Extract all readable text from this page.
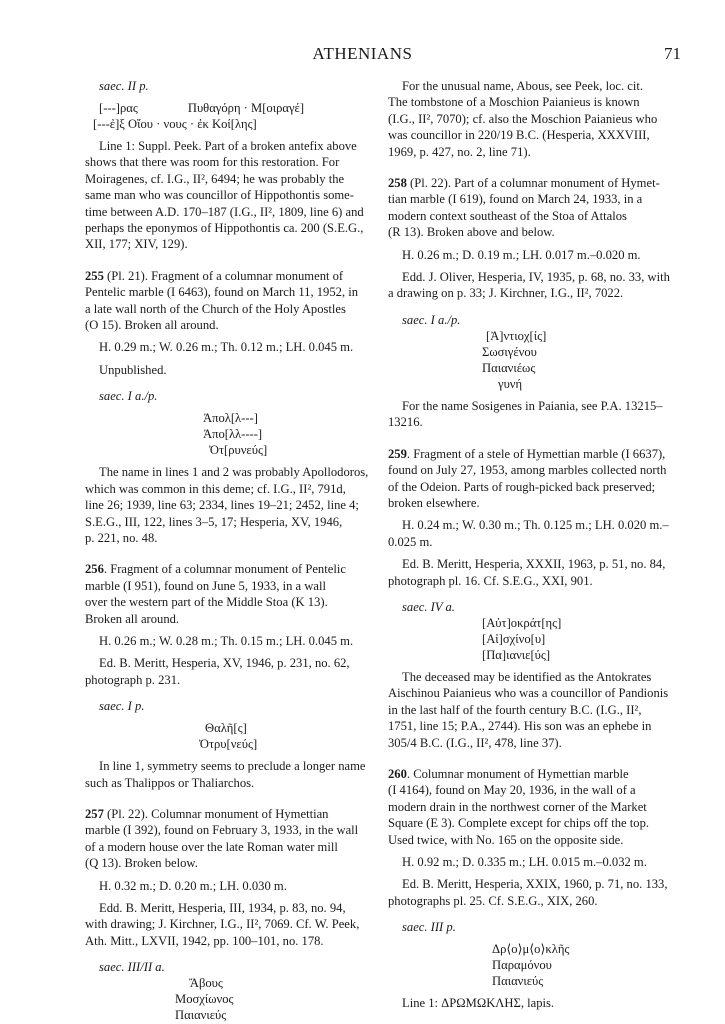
ATHENIANS	71
saec. II p.
[---]ρας	Πυθαγόρη · Μ[οιραγέ]
[---ἐ]ξ Οἴου · νους · ἐκ Κοί[λης]
Line 1: Suppl. Peek. Part of a broken antefix above
shows that there was room for this restoration. For
Moiragenes, cf. I.G., II², 6494; he was probably the
same man who was councillor of Hippothontis some-
time between A.D. 170–187 (I.G., II², 1809, line 6) and
perhaps the eponymos of Hippothontis ca. 200 (S.E.G.,
XII, 177; XIV, 129).
255 (Pl. 21). Fragment of a columnar monument of
Pentelic marble (I 6463), found on March 11, 1952, in
a late wall north of the Church of the Holy Apostles
(O 15). Broken all around.
H. 0.29 m.; W. 0.26 m.; Th. 0.12 m.; LH. 0.045 m.
Unpublished.
saec. I a./p.
Ἀπολ[λ---]
Ἀπο[λλ----]
Ὀτ[ρυνεύς]
The name in lines 1 and 2 was probably Apollodoros,
which was common in this deme; cf. I.G., II², 791d,
line 26; 1939, line 63; 2334, lines 19–21; 2452, line 4;
S.E.G., III, 122, lines 3–5, 17; Hesperia, XV, 1946,
p. 221, no. 48.
256. Fragment of a columnar monument of Pentelic
marble (I 951), found on June 5, 1933, in a wall
over the western part of the Middle Stoa (K 13).
Broken all around.
H. 0.26 m.; W. 0.28 m.; Th. 0.15 m.; LH. 0.045 m.
Ed. B. Meritt, Hesperia, XV, 1946, p. 231, no. 62,
photograph p. 231.
saec. I p.
Θαλῆ[ς]
Ὀτρυ[νεύς]
In line 1, symmetry seems to preclude a longer name
such as Thalippos or Thaliarchos.
257 (Pl. 22). Columnar monument of Hymettian
marble (I 392), found on February 3, 1933, in the wall
of a modern house over the late Roman water mill
(Q 13). Broken below.
H. 0.32 m.; D. 0.20 m.; LH. 0.030 m.
Edd. B. Meritt, Hesperia, III, 1934, p. 83, no. 94,
with drawing; J. Kirchner, I.G., II², 7069. Cf. W. Peek,
Ath. Mitt., LXVII, 1942, pp. 100–101, no. 178.
saec. III/II a.
Ἄβους
Μοσχίωνος
Παιανιεύς
For the unusual name, Abous, see Peek, loc. cit.
The tombstone of a Moschion Paianieus is known
(I.G., II², 7070); cf. also the Moschion Paianieus who
was councillor in 220/19 B.C. (Hesperia, XXXVIII,
1969, p. 427, no. 2, line 71).
258 (Pl. 22). Part of a columnar monument of Hymet-
tian marble (I 619), found on March 24, 1933, in a
modern context southeast of the Stoa of Attalos
(R 13). Broken above and below.
H. 0.26 m.; D. 0.19 m.; LH. 0.017 m.–0.020 m.
Edd. J. Oliver, Hesperia, IV, 1935, p. 68, no. 33, with
a drawing on p. 33; J. Kirchner, I.G., II², 7022.
saec. I a./p.
[Ἀ]ντιοχ[ίς]
Σωσιγένου
Παιανιέως
γυνή
For the name Sosigenes in Paiania, see P.A. 13215–
13216.
259. Fragment of a stele of Hymettian marble (I 6637),
found on July 27, 1953, among marbles collected north
of the Odeion. Parts of rough-picked back preserved;
broken elsewhere.
H. 0.24 m.; W. 0.30 m.; Th. 0.125 m.; LH. 0.020 m.–
0.025 m.
Ed. B. Meritt, Hesperia, XXXII, 1963, p. 51, no. 84,
photograph pl. 16. Cf. S.E.G., XXI, 901.
saec. IV a.
[Αὐτ]οκράτ[ης]
[Αἰ]σχίνο[υ]
[Πα]ιανιε[ύς]
The deceased may be identified as the Antokrates
Aischinou Paianieus who was a councillor of Pandionis
in the last half of the fourth century B.C. (I.G., II²,
1751, line 15; P.A., 2744). His son was an ephebe in
305/4 B.C. (I.G., II², 478, line 37).
260. Columnar monument of Hymettian marble
(I 4164), found on May 20, 1936, in the wall of a
modern drain in the northwest corner of the Market
Square (E 3). Complete except for chips off the top.
Used twice, with No. 165 on the opposite side.
H. 0.92 m.; D. 0.335 m.; LH. 0.015 m.–0.032 m.
Ed. B. Meritt, Hesperia, XXIX, 1960, p. 71, no. 133,
photographs pl. 25. Cf. S.E.G., XIX, 260.
saec. III p.
Δρ⟨ο⟩μ⟨ο⟩κλῆς
Παραμόνου
Παιανιεύς
Line 1: ΔΡΩΜΩΚΛΗΣ, lapis.
